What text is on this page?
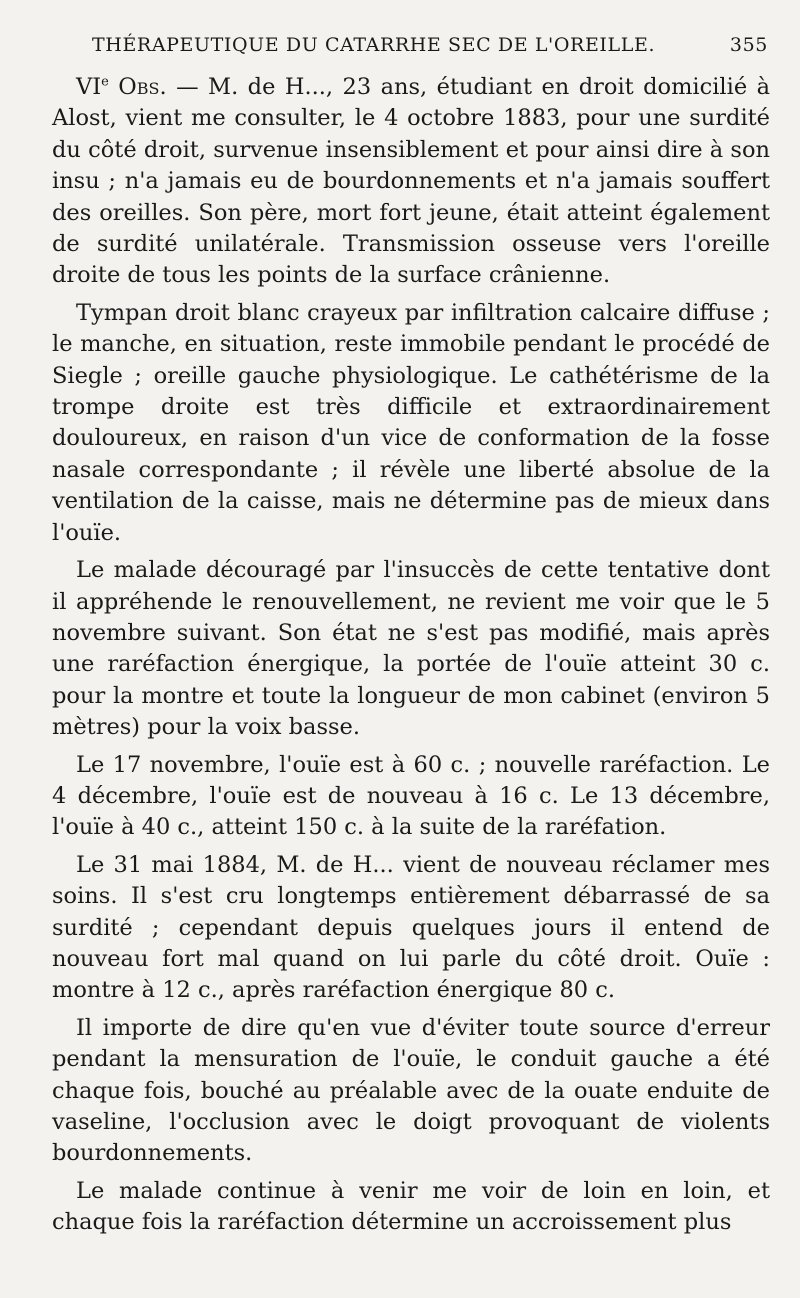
THÉRAPEUTIQUE DU CATARRHE SEC DE L'OREILLE.	355

VIe Obs. — M. de H..., 23 ans, étudiant en droit domicilié à Alost, vient me consulter, le 4 octobre 1883, pour une surdité du côté droit, survenue insensiblement et pour ainsi dire à son insu ; n'a jamais eu de bourdonnements et n'a jamais souffert des oreilles. Son père, mort fort jeune, était atteint également de surdité unilatérale. Transmission osseuse vers l'oreille droite de tous les points de la surface crânienne.

Tympan droit blanc crayeux par infiltration calcaire diffuse ; le manche, en situation, reste immobile pendant le procédé de Siegle ; oreille gauche physiologique. Le cathétérisme de la trompe droite est très difficile et extraordinairement douloureux, en raison d'un vice de conformation de la fosse nasale correspondante ; il révèle une liberté absolue de la ventilation de la caisse, mais ne détermine pas de mieux dans l'ouïe.

Le malade découragé par l'insuccès de cette tentative dont il appréhende le renouvellement, ne revient me voir que le 5 novembre suivant. Son état ne s'est pas modifié, mais après une raréfaction énergique, la portée de l'ouïe atteint 30 c. pour la montre et toute la longueur de mon cabinet (environ 5 mètres) pour la voix basse.

Le 17 novembre, l'ouïe est à 60 c. ; nouvelle raréfaction. Le 4 décembre, l'ouïe est de nouveau à 16 c. Le 13 décembre, l'ouïe à 40 c., atteint 150 c. à la suite de la raréfation.

Le 31 mai 1884, M. de H... vient de nouveau réclamer mes soins. Il s'est cru longtemps entièrement débarrassé de sa surdité ; cependant depuis quelques jours il entend de nouveau fort mal quand on lui parle du côté droit. Ouïe : montre à 12 c., après raréfaction énergique 80 c.

Il importe de dire qu'en vue d'éviter toute source d'erreur pendant la mensuration de l'ouïe, le conduit gauche a été chaque fois, bouché au préalable avec de la ouate enduite de vaseline, l'occlusion avec le doigt provoquant de violents bourdonnements.

Le malade continue à venir me voir de loin en loin, et chaque fois la raréfaction détermine un accroissement plus
